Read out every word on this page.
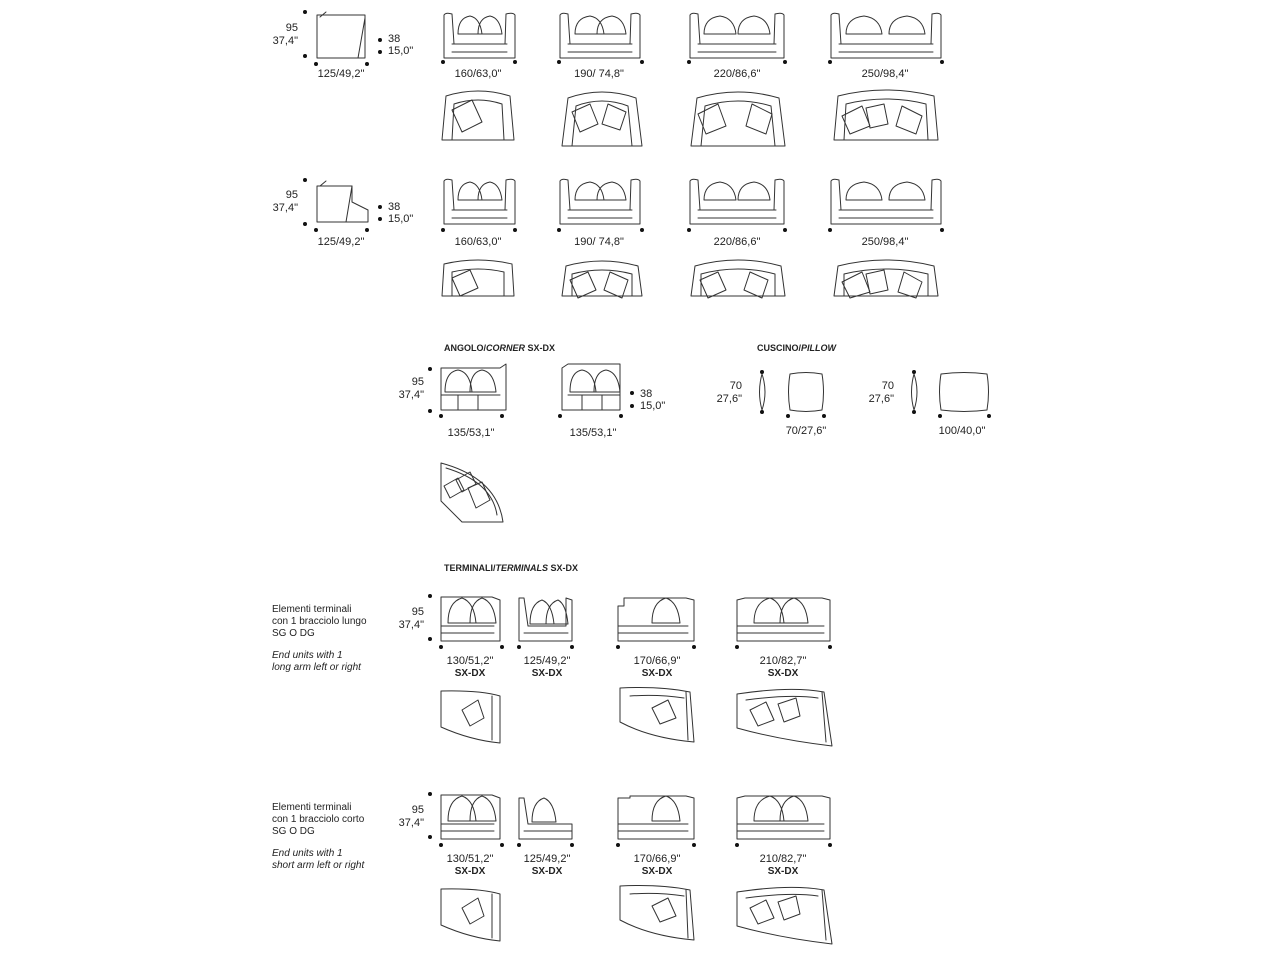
95
37,4"	38
15,0"
125/49,2"	160/63,0"	190/ 74,8"	220/86,6"	250/98,4"
95
37,4"	38
15,0"
125/49,2"	160/63,0"	190/ 74,8"	220/86,6"	250/98,4"
ANGOLO/CORNER SX-DX
95
37,4"	38
15,0"
135/53,1"	135/53,1"
CUSCINO/PILLOW
70
27,6"
70/27,6"
70
27,6"
100/40,0"
TERMINALI/TERMINALS SX-DX
Elementi terminali
con 1 bracciolo lungo
SG O DG
End units with 1
long arm left or right
95
37,4"
130/51,2"	125/49,2"	170/66,9"	210/82,7"
SX-DX	SX-DX	SX-DX	SX-DX
Elementi terminali
con 1 bracciolo corto
SG O DG
End units with 1
short arm left or right
95
37,4"
130/51,2"	125/49,2"	170/66,9"	210/82,7"
SX-DX	SX-DX	SX-DX	SX-DX
